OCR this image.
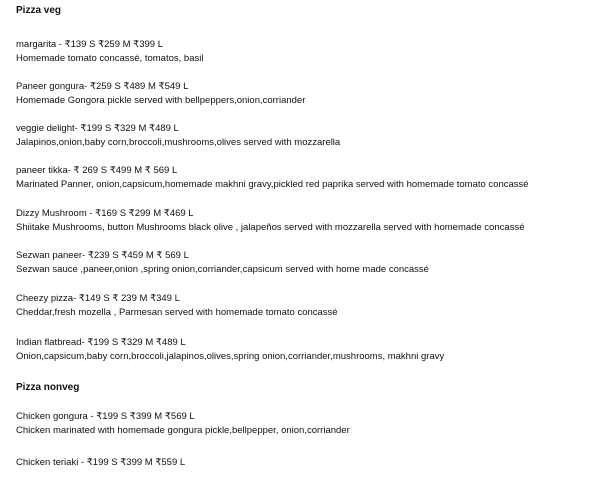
Pizza veg
margarita - ₹139 S ₹259 M ₹399 L
Homemade tomato concassé, tomatos, basil
Paneer gongura- ₹259 S ₹489 M ₹549 L
Homemade Gongora pickle served with bellpeppers,onion,corriander
veggie delight- ₹199 S ₹329 M ₹489 L
Jalapinos,onion,baby corn,broccoli,mushrooms,olives served with mozzarella
paneer tikka- ₹ 269 S ₹499 M ₹ 569 L
Marinated Panner, onion,capsicum,homemade makhni gravy,pickled red paprika served with homemade tomato concassé
Dizzy Mushroom - ₹169 S ₹299 M ₹469 L
Shiitake Mushrooms, button Mushrooms black olive , jalapeños served with mozzarella served with homemade concassé
Sezwan paneer- ₹239 S ₹459 M ₹ 569 L
Sezwan sauce ,paneer,onion ,spring onion,corriander,capsicum served with home made concassé
Cheezy pizza- ₹149 S ₹ 239 M ₹349 L
Cheddar,fresh mozella , Parmesan served with homemade tomato concassé
Indian flatbread- ₹199 S ₹329 M ₹489 L
Onion,capsicum,baby corn,broccoli,jalapinos,olives,spring onion,corriander,mushrooms, makhni gravy
Pizza nonveg
Chicken gongura - ₹199 S ₹399 M ₹569 L
Chicken marinated with homemade gongura pickle,bellpepper, onion,corriander
Chicken teriaki - ₹199 S ₹399 M ₹559 L
